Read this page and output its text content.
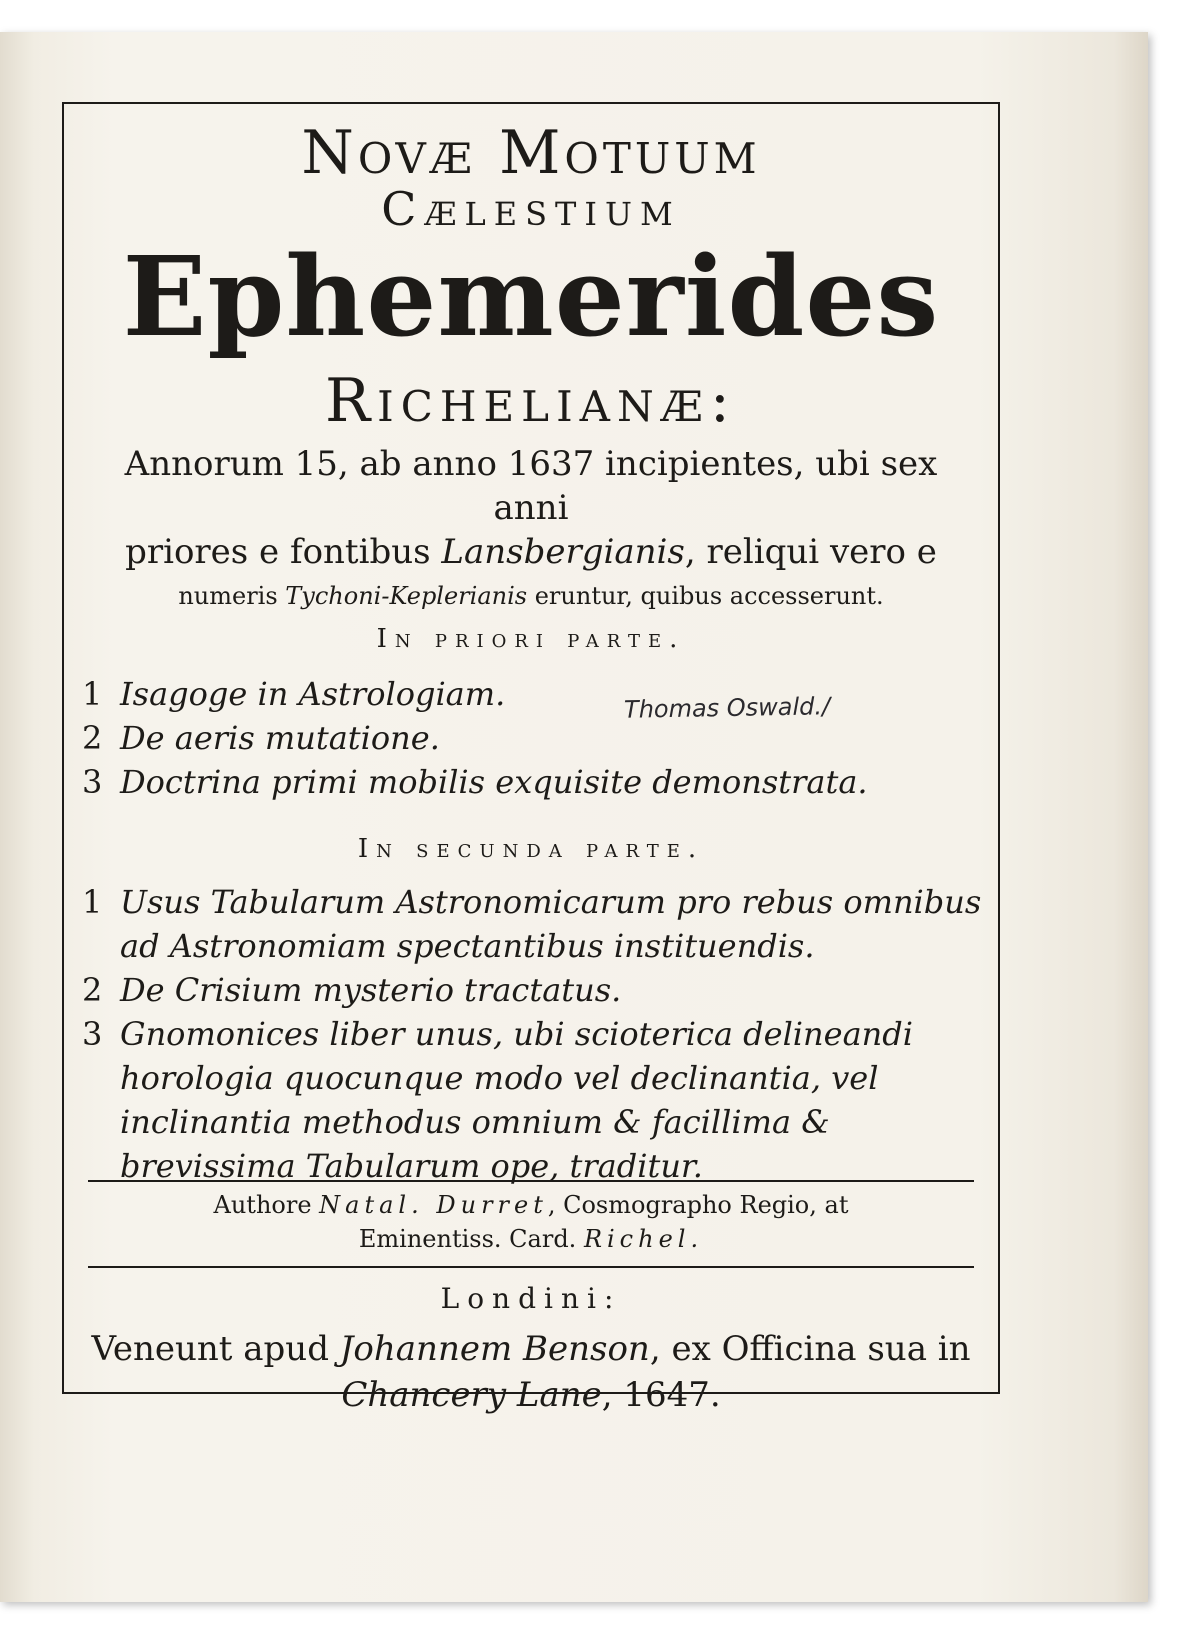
Novæ Motuum
Cælestium
Ephemerides
Richelianæ:
Annorum 15, ab anno 1637 incipientes, ubi sex anni
priores e fontibus Lansbergianis, reliqui vero e
numeris Tychoni-Keplerianis eruntur, quibus accesserunt.
In priori parte.
1 Isagoge in Astrologiam.
2 De aeris mutatione.
3 Doctrina primi mobilis exquisite demonstrata.
Thomas Oswald./
In secunda parte.
1 Usus Tabularum Astronomicarum pro rebus omnibus ad Astronomiam spectantibus instituendis.
2 De Crisium mysterio tractatus.
3 Gnomonices liber unus, ubi scioterica delineandi horologia quocunque modo vel declinantia, vel inclinantia methodus omnium & facillima & brevissima Tabularum ope, traditur.
Authore Natal. Durret, Cosmographo Regio, at
Eminentiss. Card. Richel.
Londini:
Veneunt apud Johannem Benson, ex Officina sua in
Chancery Lane, 1647.
